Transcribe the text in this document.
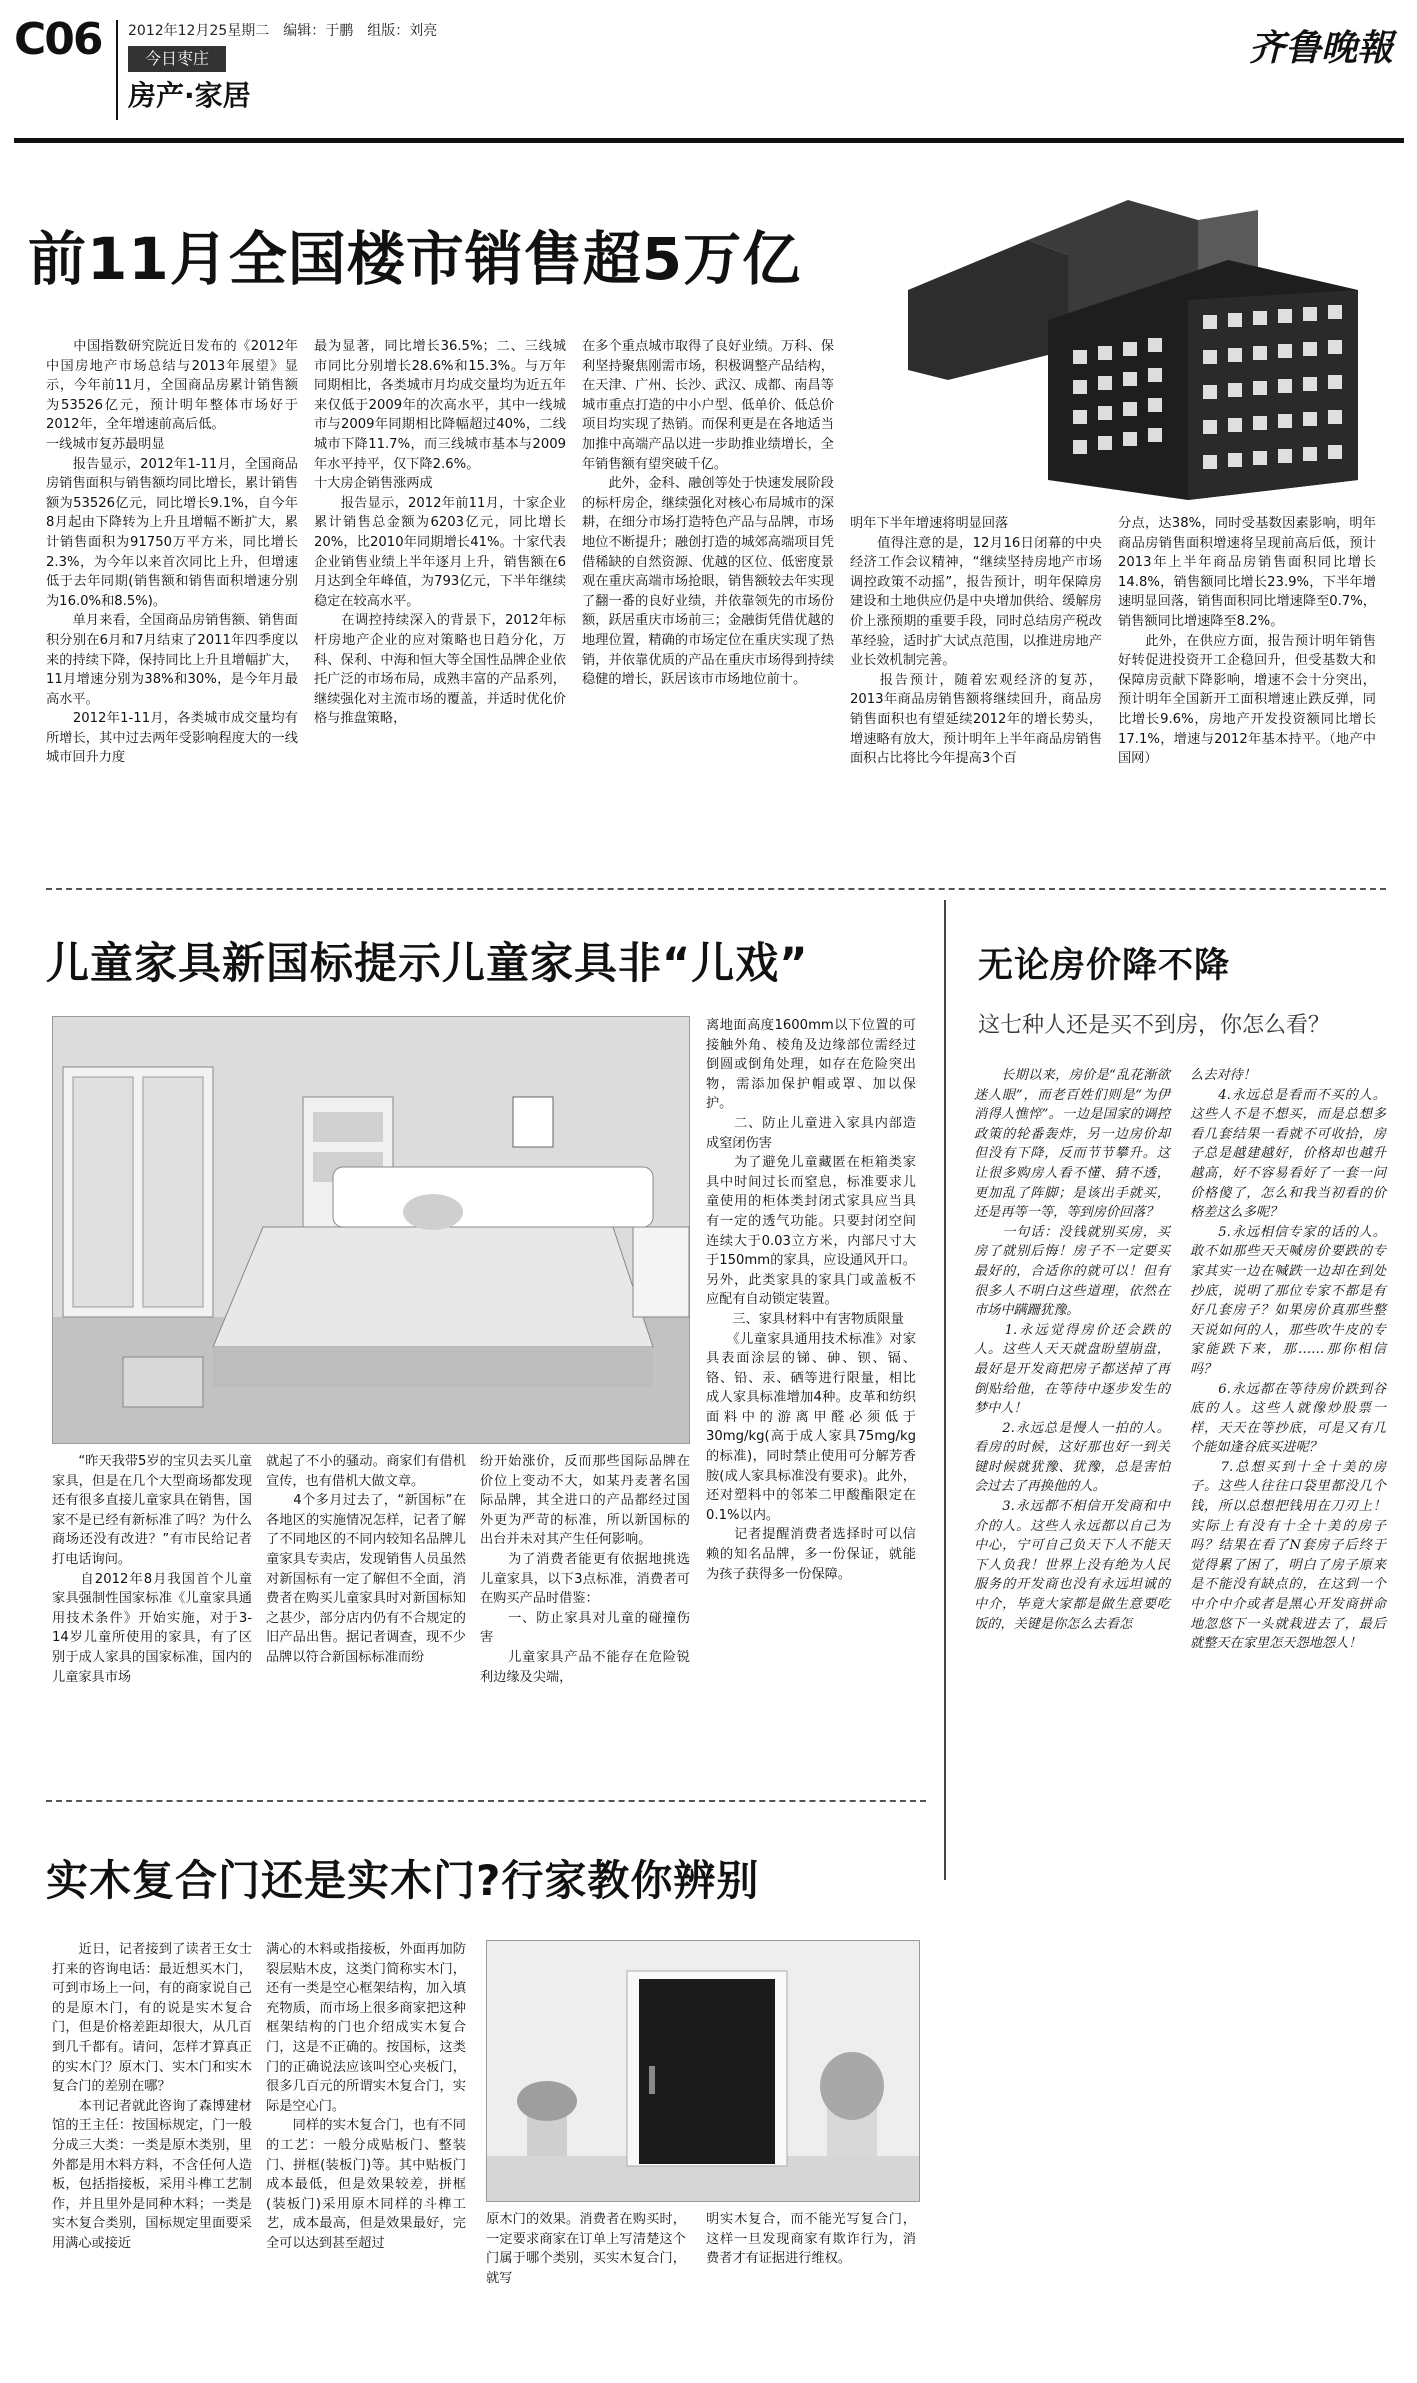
C06 2012年12月25星期二　编辑：于鹏　组版：刘亮
今日枣庄
房产·家居
齐鲁晚報
前11月全国楼市销售超5万亿
　　中国指数研究院近日发布的《2012年中国房地产市场总结与2013年展望》显示，今年前11月，全国商品房累计销售额为53526亿元，预计明年整体市场好于2012年，全年增速前高后低。
一线城市复苏最明显
　　报告显示，2012年1-11月，全国商品房销售面积与销售额均同比增长，累计销售额为53526亿元，同比增长9.1%，自今年8月起由下降转为上升且增幅不断扩大，累计销售面积为91750万平方米，同比增长2.3%，为今年以来首次同比上升，但增速低于去年同期(销售额和销售面积增速分别为16.0%和8.5%)。
　　单月来看，全国商品房销售额、销售面积分别在6月和7月结束了2011年四季度以来的持续下降，保持同比上升且增幅扩大，11月增速分别为38%和30%，是今年月最高水平。
　　2012年1-11月，各类城市成交量均有所增长，其中过去两年受影响程度大的一线城市回升力度
最为显著，同比增长36.5%；二、三线城市同比分别增长28.6%和15.3%。与万年同期相比，各类城市月均成交量均为近五年来仅低于2009年的次高水平，其中一线城市与2009年同期相比降幅超过40%，二线城市下降11.7%，而三线城市基本与2009年水平持平，仅下降2.6%。
十大房企销售涨两成
　　报告显示，2012年前11月，十家企业累计销售总金额为6203亿元，同比增长20%，比2010年同期增长41%。十家代表企业销售业绩上半年逐月上升，销售额在6月达到全年峰值，为793亿元，下半年继续稳定在较高水平。
　　在调控持续深入的背景下，2012年标杆房地产企业的应对策略也日趋分化，万科、保利、中海和恒大等全国性品牌企业依托广泛的市场布局，成熟丰富的产品系列，继续强化对主流市场的覆盖，并适时优化价格与推盘策略，
在多个重点城市取得了良好业绩。万科、保利坚持聚焦刚需市场，积极调整产品结构，在天津、广州、长沙、武汉、成都、南昌等城市重点打造的中小户型、低单价、低总价项目均实现了热销。而保利更是在各地适当加推中高端产品以进一步助推业绩增长，全年销售额有望突破千亿。
　　此外，金科、融创等处于快速发展阶段的标杆房企，继续强化对核心布局城市的深耕，在细分市场打造特色产品与品牌，市场地位不断提升；融创打造的城郊高端项目凭借稀缺的自然资源、优越的区位、低密度景观在重庆高端市场抢眼，销售额较去年实现了翻一番的良好业绩，并依靠领先的市场份额，跃居重庆市场前三；金融街凭借优越的地理位置，精确的市场定位在重庆实现了热销，并依靠优质的产品在重庆市场得到持续稳健的增长，跃居该市市场地位前十。
明年下半年增速将明显回落
　　值得注意的是，12月16日闭幕的中央经济工作会议精神，“继续坚持房地产市场调控政策不动摇”，报告预计，明年保障房建设和土地供应仍是中央增加供给、缓解房价上涨预期的重要手段，同时总结房产税改革经验，适时扩大试点范围，以推进房地产业长效机制完善。
　　报告预计，随着宏观经济的复苏，2013年商品房销售额将继续回升，商品房销售面积也有望延续2012年的增长势头，增速略有放大，预计明年上半年商品房销售面积占比将比今年提高3个百
分点，达38%，同时受基数因素影响，明年商品房销售面积增速将呈现前高后低，预计2013年上半年商品房销售面积同比增长14.8%，销售额同比增长23.9%，下半年增速明显回落，销售面积同比增速降至0.7%，销售额同比增速降至8.2%。
　　此外，在供应方面，报告预计明年销售好转促进投资开工企稳回升，但受基数大和保障房贡献下降影响，增速不会十分突出，预计明年全国新开工面积增速止跌反弹，同比增长9.6%，房地产开发投资额同比增长17.1%，增速与2012年基本持平。（地产中国网）
儿童家具新国标提示儿童家具非“儿戏”
离地面高度1600mm以下位置的可接触外角、棱角及边缘部位需经过倒圆或倒角处理，如存在危险突出物，需添加保护帽或罩、加以保护。
　　二、防止儿童进入家具内部造成窒闭伤害
　　为了避免儿童藏匿在柜箱类家具中时间过长而窒息，标准要求儿童使用的柜体类封闭式家具应当具有一定的透气功能。只要封闭空间连续大于0.03立方米，内部尺寸大于150mm的家具，应设通风开口。另外，此类家具的家具门或盖板不应配有自动锁定装置。
　　三、家具材料中有害物质限量
　　《儿童家具通用技术标准》对家具表面涂层的锑、砷、钡、镉、铬、铅、汞、硒等进行限量，相比成人家具标准增加4种。皮革和纺织面料中的游离甲醛必须低于30mg/kg(高于成人家具75mg/kg的标准)，同时禁止使用可分解芳香胺(成人家具标准没有要求)。此外，还对塑料中的邻苯二甲酸酯限定在0.1%以内。
　　记者提醒消费者选择时可以信赖的知名品牌，多一份保证，就能为孩子获得多一份保障。
　　“昨天我带5岁的宝贝去买儿童家具，但是在几个大型商场都发现还有很多直接儿童家具在销售，国家不是已经有新标准了吗？为什么商场还没有改进？”有市民给记者打电话询问。
　　自2012年8月我国首个儿童家具强制性国家标准《儿童家具通用技术条件》开始实施，对于3-14岁儿童所使用的家具，有了区别于成人家具的国家标准，国内的儿童家具市场
就起了不小的骚动。商家们有借机宣传，也有借机大做文章。
　　4个多月过去了，“新国标”在各地区的实施情况怎样，记者了解了不同地区的不同内较知名品牌儿童家具专卖店，发现销售人员虽然对新国标有一定了解但不全面，消费者在购买儿童家具时对新国标知之甚少，部分店内仍有不合规定的旧产品出售。据记者调查，现不少品牌以符合新国标标准而纷
纷开始涨价，反而那些国际品牌在价位上变动不大，如某丹麦著名国际品牌，其全进口的产品都经过国外更为严苛的标准，所以新国标的出台并未对其产生任何影响。
　　为了消费者能更有依据地挑选儿童家具，以下3点标准，消费者可在购买产品时借鉴：
　　一、防止家具对儿童的碰撞伤害
　　儿童家具产品不能存在危险锐利边缘及尖端，
无论房价降不降
这七种人还是买不到房，你怎么看？
　　长期以来，房价是“乱花渐欲迷人眼”，而老百姓们则是“为伊消得人憔悴”。一边是国家的调控政策的轮番轰炸，另一边房价却但没有下降，反而节节攀升。这让很多购房人看不懂、猜不透，更加乱了阵脚；是该出手就买，还是再等一等，等到房价回落？
　　一句话：没钱就别买房，买房了就别后悔！房子不一定要买最好的，合适你的就可以！但有很多人不明白这些道理，依然在市场中蹒跚犹豫。
　　1.永远觉得房价还会跌的人。这些人天天就盘盼望崩盘，最好是开发商把房子都送掉了再倒贴给他，在等待中逐步发生的梦中人！
　　2.永远总是慢人一拍的人。看房的时候，这好那也好一到关键时候就犹豫、犹豫，总是害怕会过去了再换他的人。
　　3.永远都不相信开发商和中介的人。这些人永远都以自己为中心，宁可自己负天下人不能天下人负我！世界上没有绝为人民服务的开发商也没有永远坦诚的中介，毕竟大家都是做生意要吃饭的，关键是你怎么去看怎
么去对待！
　　4.永远总是看而不买的人。这些人不是不想买，而是总想多看几套结果一看就不可收拾，房子总是越建越好，价格却也越升越高，好不容易看好了一套一问价格傻了，怎么和我当初看的价格差这么多呢？
　　5.永远相信专家的话的人。敢不如那些天天喊房价要跌的专家其实一边在喊跌一边却在到处抄底，说明了那位专家不都是有好几套房子？如果房价真那些整天说如何的人，那些吹牛皮的专家能跌下来，那……那你相信吗？
　　6.永远都在等待房价跌到谷底的人。这些人就像炒股票一样，天天在等抄底，可是又有几个能如逢谷底买进呢？
　　7.总想买到十全十美的房子。这些人往往口袋里都没几个钱，所以总想把钱用在刀刃上！实际上有没有十全十美的房子吗？结果在看了N套房子后终于觉得累了困了，明白了房子原来是不能没有缺点的，在这到一个中介中介或者是黑心开发商拼命地忽悠下一头就栽进去了，最后就整天在家里怎天怨地怨人！
实木复合门还是实木门?行家教你辨别
　　近日，记者接到了读者王女士打来的咨询电话：最近想买木门，可到市场上一问，有的商家说自己的是原木门，有的说是实木复合门，但是价格差距却很大，从几百到几千都有。请问，怎样才算真正的实木门？原木门、实木门和实木复合门的差别在哪？
　　本刊记者就此咨询了森博建材馆的王主任：按国标规定，门一般分成三大类：一类是原木类别，里外都是用木料方料，不含任何人造板，包括指接板，采用斗榫工艺制作，并且里外是同种木料；一类是实木复合类别，国标规定里面要采用满心或接近
满心的木料或指接板，外面再加防裂层贴木皮，这类门简称实木门，还有一类是空心框架结构，加入填充物质，而市场上很多商家把这种框架结构的门也介绍成实木复合门，这是不正确的。按国标，这类门的正确说法应该叫空心夹板门，很多几百元的所谓实木复合门，实际是空心门。
　　同样的实木复合门，也有不同的工艺：一般分成贴板门、整装门、拼框(装板门)等。其中贴板门成本最低，但是效果较差，拼框(装板门)采用原木同样的斗榫工艺，成本最高，但是效果最好，完全可以达到甚至超过
原木门的效果。消费者在购买时，一定要求商家在订单上写清楚这个门属于哪个类别，买实木复合门，就写
明实木复合，而不能光写复合门，这样一旦发现商家有欺诈行为，消费者才有证据进行维权。
